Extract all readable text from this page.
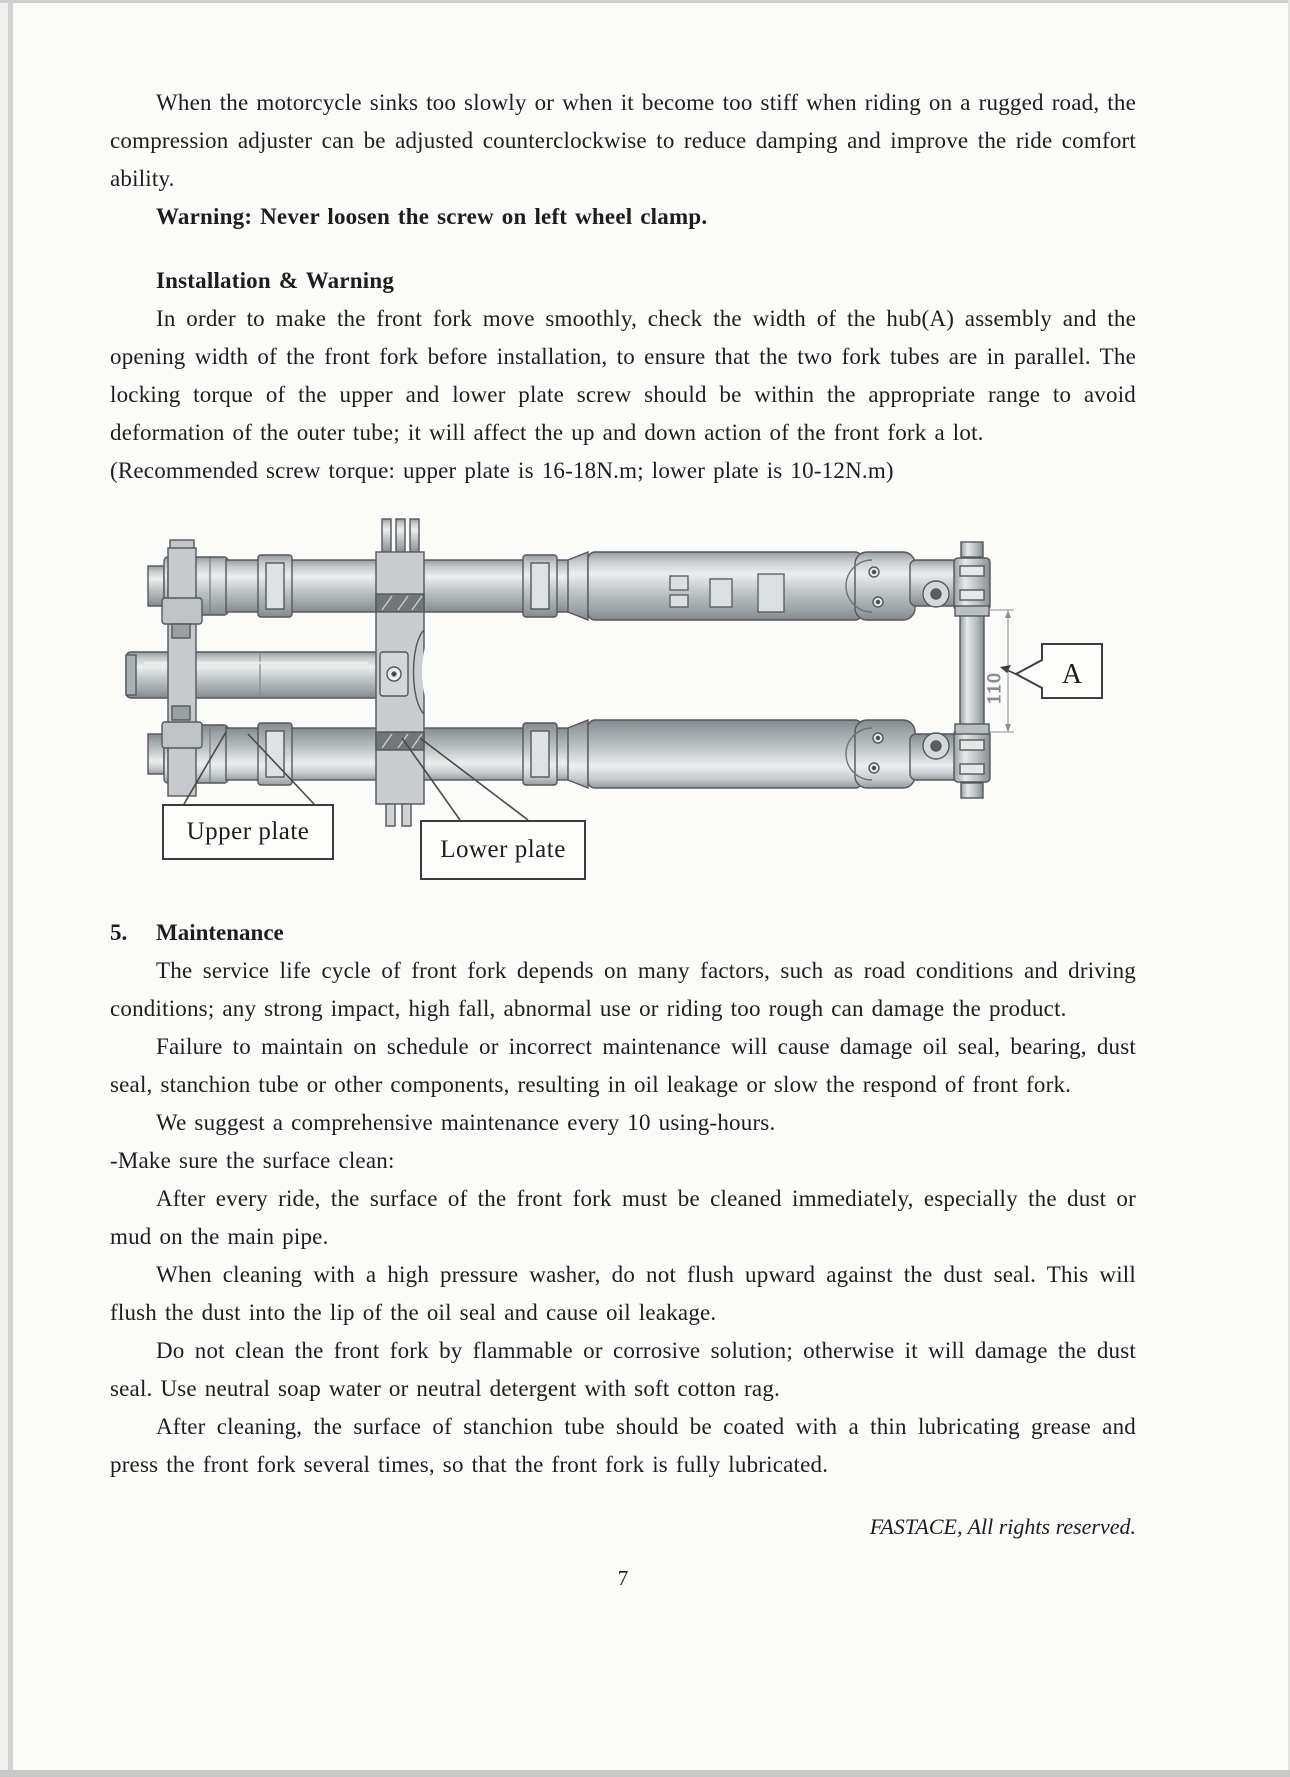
When the motorcycle sinks too slowly or when it become too stiff when riding on a rugged road, the compression adjuster can be adjusted counterclockwise to reduce damping and improve the ride comfort ability.

Warning: Never loosen the screw on left wheel clamp.

Installation & Warning

In order to make the front fork move smoothly, check the width of the hub(A) assembly and the opening width of the front fork before installation, to ensure that the two fork tubes are in parallel. The locking torque of the upper and lower plate screw should be within the appropriate range to avoid deformation of the outer tube; it will affect the up and down action of the front fork a lot.

(Recommended screw torque: upper plate is 16-18N.m; lower plate is 10-12N.m)

110 A
Upper plate
Lower plate
5. Maintenance

The service life cycle of front fork depends on many factors, such as road conditions and driving conditions; any strong impact, high fall, abnormal use or riding too rough can damage the product.

Failure to maintain on schedule or incorrect maintenance will cause damage oil seal, bearing, dust seal, stanchion tube or other components, resulting in oil leakage or slow the respond of front fork.

We suggest a comprehensive maintenance every 10 using-hours.

-Make sure the surface clean:

After every ride, the surface of the front fork must be cleaned immediately, especially the dust or mud on the main pipe.

When cleaning with a high pressure washer, do not flush upward against the dust seal. This will flush the dust into the lip of the oil seal and cause oil leakage.

Do not clean the front fork by flammable or corrosive solution; otherwise it will damage the dust seal. Use neutral soap water or neutral detergent with soft cotton rag.

After cleaning, the surface of stanchion tube should be coated with a thin lubricating grease and press the front fork several times, so that the front fork is fully lubricated.

FASTACE, All rights reserved.

7
